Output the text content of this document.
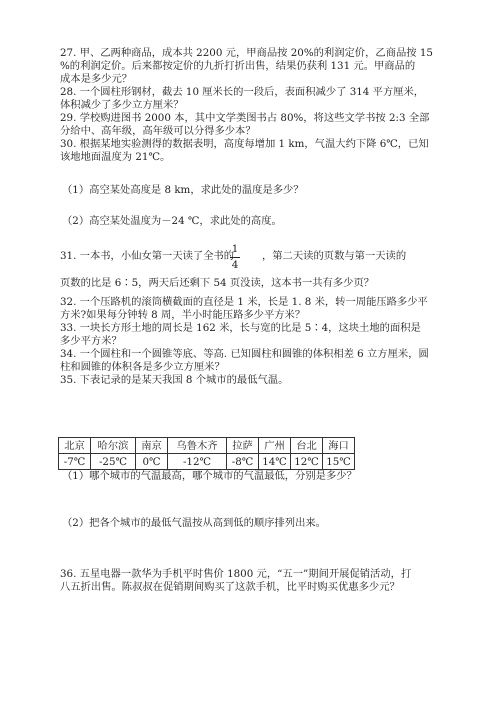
27. 甲、乙两种商品，成本共 2200 元，甲商品按 20%的利润定价，乙商品按 15
%的利润定价。后来都按定价的九折打折出售，结果仍获利 131 元。甲商品的
成本是多少元？
28. 一个圆柱形钢材，截去 10 厘米长的一段后，表面积减少了 314 平方厘米，
体积减少了多少立方厘米？
29. 学校购进图书 2000 本，其中文学类图书占 80%，将这些文学书按 2:3 全部
分给中、高年级，高年级可以分得多少本？
30. 根据某地实验测得的数据表明，高度每增加 1 km，气温大约下降 6℃，已知
该地地面温度为 21℃。
（1）高空某处高度是 8 km，求此处的温度是多少？
（2）高空某处温度为－24 ℃，求此处的高度。
31. 一本书，小仙女第一天读了全书的
1
4
，第二天读的页数与第一天读的
页数的比是 6∶5，两天后还剩下 54 页没读，这本书一共有多少页？
32. 一个压路机的滚筒横截面的直径是 1 米，长是 1. 8 米，转一周能压路多少平
方米?如果每分钟转 8 周，半小时能压路多少平方米？
33. 一块长方形土地的周长是 162 米，长与宽的比是 5∶4，这块土地的面积是
多少平方米？
34. 一个圆柱和一个圆锥等底、等高. 已知圆柱和圆锥的体积相差 6 立方厘米，圆
柱和圆锥的体积各是多少立方厘米？
35. 下表记录的是某天我国 8 个城市的最低气温。
北京	哈尔滨	南京	乌鲁木齐	拉萨	广州	台北	海口
-7℃	-25℃	0℃	-12℃	-8℃	14℃	12℃	15℃
（1）哪个城市的气温最高，哪个城市的气温最低，分别是多少？
（2）把各个城市的最低气温按从高到低的顺序排列出来。
36. 五星电器一款华为手机平时售价 1800 元，“五一”期间开展促销活动，打
八五折出售。陈叔叔在促销期间购买了这款手机，比平时购买优惠多少元？
